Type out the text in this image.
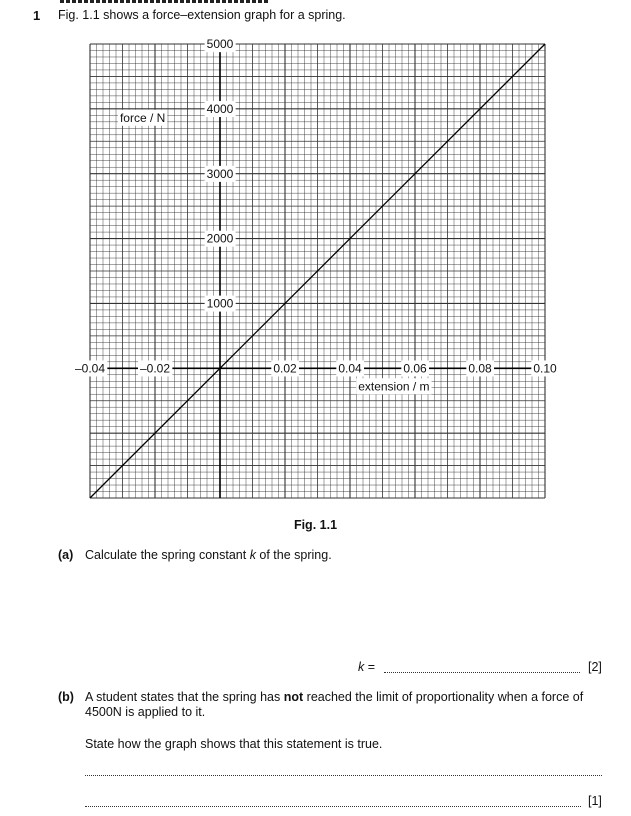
1 Fig. 1.1 shows a force–extension graph for a spring.
–0.04	–0.02	0.02	0.04	0.06	0.08	0.10
1000
2000
3000
4000
5000
force / N
extension / m
Fig. 1.1
(a) Calculate the spring constant k of the spring.
k =	[2]
(b) A student states that the spring has not reached the limit of proportionality when a force of
4500N is applied to it.
State how the graph shows that this statement is true.
[1]
